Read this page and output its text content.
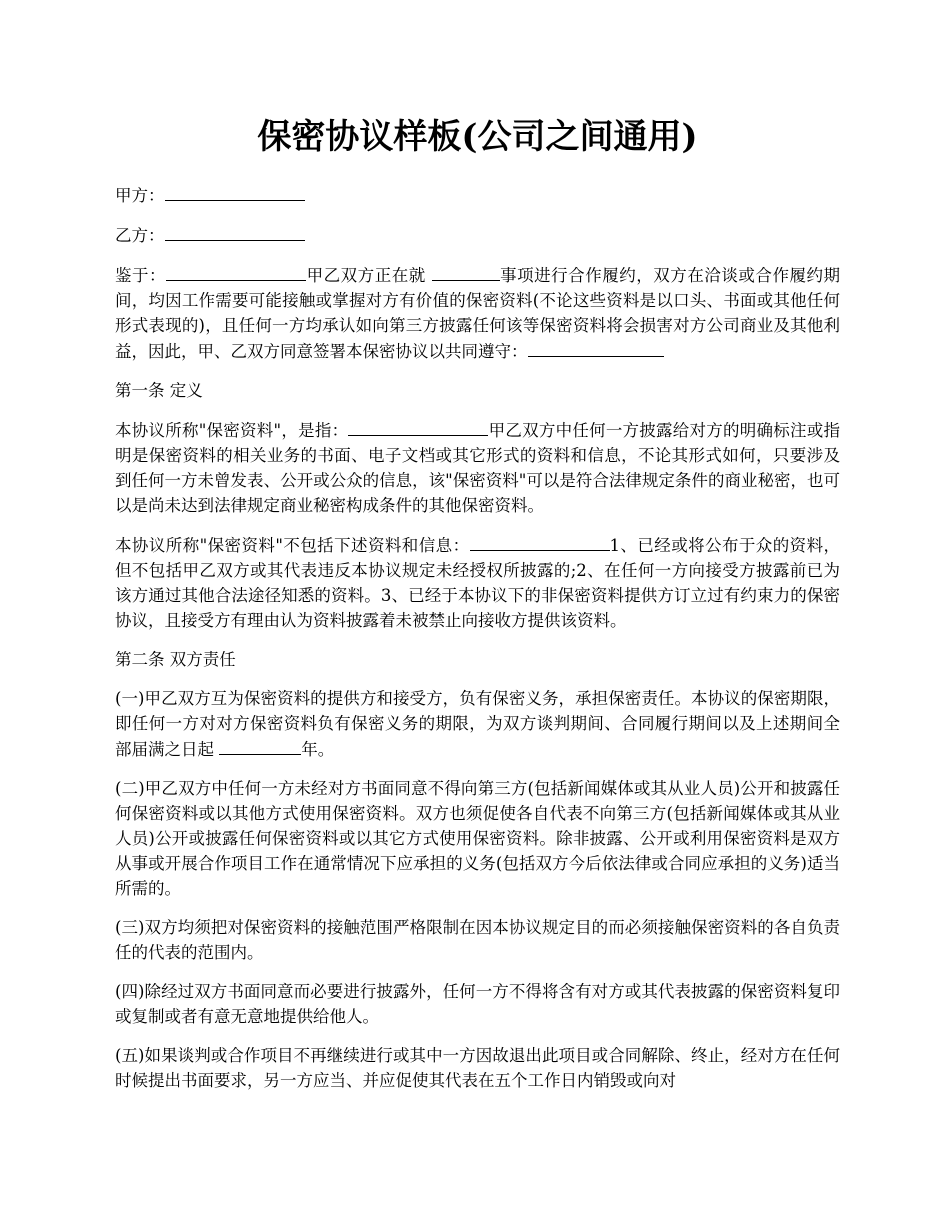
保密协议样板(公司之间通用)

甲方：

乙方：

鉴于：	甲乙双方正在就	事项进行合作履约，双方在洽谈或合作履约期间，均因工作需要可能接触或掌握对方有价值的保密资料(不论这些资料是以口头、书面或其他任何形式表现的)，且任何一方均承认如向第三方披露任何该等保密资料将会损害对方公司商业及其他利益，因此，甲、乙双方同意签署本保密协议以共同遵守：

第一条 定义

本协议所称"保密资料"，是指：	甲乙双方中任何一方披露给对方的明确标注或指明是保密资料的相关业务的书面、电子文档或其它形式的资料和信息，不论其形式如何，只要涉及到任何一方未曾发表、公开或公众的信息，该"保密资料"可以是符合法律规定条件的商业秘密，也可以是尚未达到法律规定商业秘密构成条件的其他保密资料。

本协议所称"保密资料"不包括下述资料和信息：	1、已经或将公布于众的资料，但不包括甲乙双方或其代表违反本协议规定未经授权所披露的;2、在任何一方向接受方披露前已为该方通过其他合法途径知悉的资料。3、已经于本协议下的非保密资料提供方订立过有约束力的保密协议，且接受方有理由认为资料披露着未被禁止向接收方提供该资料。

第二条 双方责任

(一)甲乙双方互为保密资料的提供方和接受方，负有保密义务，承担保密责任。本协议的保密期限，即任何一方对对方保密资料负有保密义务的期限，为双方谈判期间、合同履行期间以及上述期间全部届满之日起	年。

(二)甲乙双方中任何一方未经对方书面同意不得向第三方(包括新闻媒体或其从业人员)公开和披露任何保密资料或以其他方式使用保密资料。双方也须促使各自代表不向第三方(包括新闻媒体或其从业人员)公开或披露任何保密资料或以其它方式使用保密资料。除非披露、公开或利用保密资料是双方从事或开展合作项目工作在通常情况下应承担的义务(包括双方今后依法律或合同应承担的义务)适当所需的。

(三)双方均须把对保密资料的接触范围严格限制在因本协议规定目的而必须接触保密资料的各自负责任的代表的范围内。

(四)除经过双方书面同意而必要进行披露外，任何一方不得将含有对方或其代表披露的保密资料复印或复制或者有意无意地提供给他人。

(五)如果谈判或合作项目不再继续进行或其中一方因故退出此项目或合同解除、终止，经对方在任何时候提出书面要求，另一方应当、并应促使其代表在五个工作日内销毁或向对
